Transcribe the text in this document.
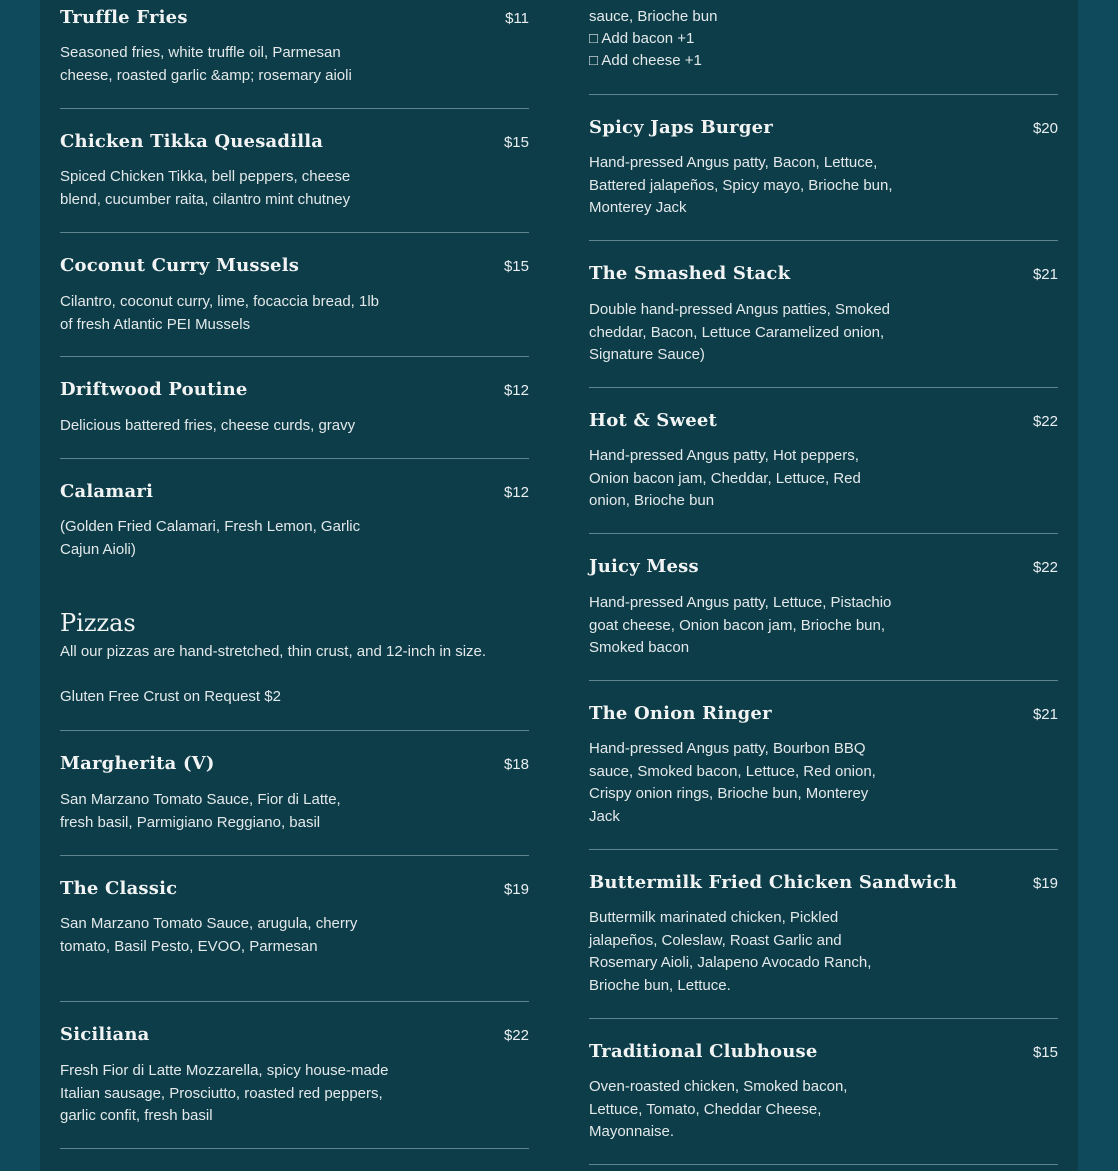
Truffle Fries	$11
Seasoned fries, white truffle oil, Parmesan cheese, roasted garlic &amp; rosemary aioli
Chicken Tikka Quesadilla	$15
Spiced Chicken Tikka, bell peppers, cheese blend, cucumber raita, cilantro mint chutney
Coconut Curry Mussels	$15
Cilantro, coconut curry, lime, focaccia bread, 1lb of fresh Atlantic PEI Mussels
Driftwood Poutine	$12
Delicious battered fries, cheese curds, gravy
Calamari	$12
(Golden Fried Calamari, Fresh Lemon, Garlic Cajun Aioli)
Pizzas
All our pizzas are hand-stretched, thin crust, and 12-inch in size.
Gluten Free Crust on Request $2
Margherita (V)	$18
San Marzano Tomato Sauce, Fior di Latte, fresh basil, Parmigiano Reggiano, basil
The Classic	$19
San Marzano Tomato Sauce, arugula, cherry tomato, Basil Pesto, EVOO, Parmesan
Siciliana	$22
Fresh Fior di Latte Mozzarella, spicy house-made Italian sausage, Prosciutto, roasted red peppers, garlic confit, fresh basil
sauce, Brioche bun
□ Add bacon +1
□ Add cheese +1
Spicy Japs Burger	$20
Hand-pressed Angus patty, Bacon, Lettuce, Battered jalapeños, Spicy mayo, Brioche bun, Monterey Jack
The Smashed Stack	$21
Double hand-pressed Angus patties, Smoked cheddar, Bacon, Lettuce Caramelized onion, Signature Sauce)
Hot & Sweet	$22
Hand-pressed Angus patty, Hot peppers, Onion bacon jam, Cheddar, Lettuce, Red onion, Brioche bun
Juicy Mess	$22
Hand-pressed Angus patty, Lettuce, Pistachio goat cheese, Onion bacon jam, Brioche bun, Smoked bacon
The Onion Ringer	$21
Hand-pressed Angus patty, Bourbon BBQ sauce, Smoked bacon, Lettuce, Red onion, Crispy onion rings, Brioche bun, Monterey Jack
Buttermilk Fried Chicken Sandwich	$19
Buttermilk marinated chicken, Pickled jalapeños, Coleslaw, Roast Garlic and Rosemary Aioli, Jalapeno Avocado Ranch, Brioche bun, Lettuce.
Traditional Clubhouse	$15
Oven-roasted chicken, Smoked bacon, Lettuce, Tomato, Cheddar Cheese, Mayonnaise.
